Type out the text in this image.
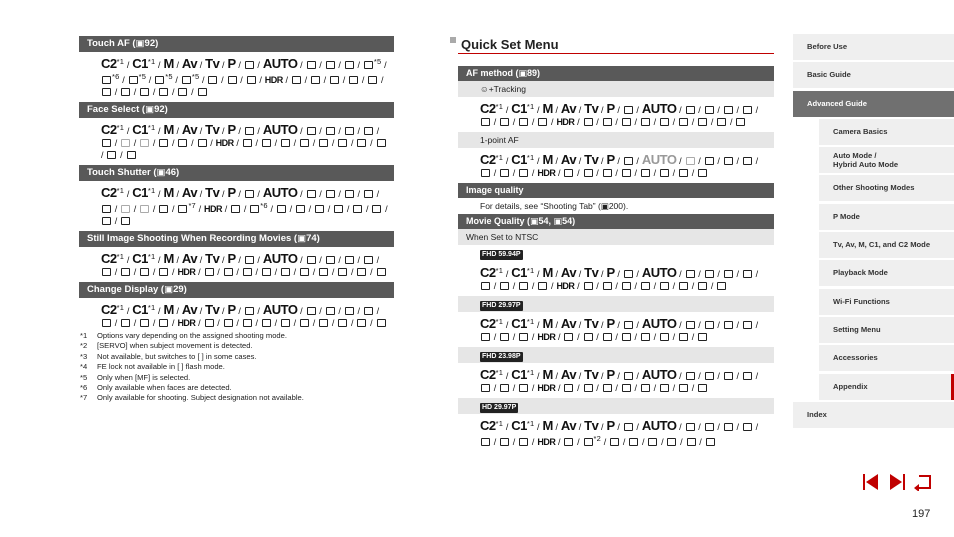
Touch AF (▣92)
C2$^{*1}$ / C1$^{*1}$ / M / Av / Tv / P /  / AUTO /  /  /  / $^{*5}$ / $^{*6}$ / $^{*5}$ / $^{*5}$ / $^{*5}$ /  /  /  / HDR /  /  /  /  /  /  /  /  /  /  /
Face Select (▣92)
C2$^{*1}$ / C1$^{*1}$ / M / Av / Tv / P /  / AUTO /  /  /  /  /  /  /  /  /  /  / HDR /  /  /  /  /  /  /  /  /  /
Touch Shutter (▣46)
C2$^{*1}$ / C1$^{*1}$ / M / Av / Tv / P /  / AUTO /  /  /  /  /  /  /  /  / $^{*7}$ / HDR /  / $^{*6}$ /  /  /  /  /  /  /  /
Still Image Shooting When Recording Movies (▣74)
C2$^{*1}$ / C1$^{*1}$ / M / Av / Tv / P /  / AUTO /  /  /  /  /  /  /  /  / HDR /  /  /  /  /  /  /  /  /  /
Change Display (▣29)
C2$^{*1}$ / C1$^{*1}$ / M / Av / Tv / P /  / AUTO /  /  /  /  /  /  /  /  / HDR /  /  /  /  /  /  /  /  /  /
*1	Options vary depending on the assigned shooting mode.
*2	[SERVO] when subject movement is detected.
*3	Not available, but switches to [ ] in some cases.
*4	FE lock not available in [ ] flash mode.
*5	Only when [MF] is selected.
*6	Only available when faces are detected.
*7	Only available for shooting. Subject designation not available.
Quick Set Menu
AF method (▣89)
☺+Tracking
C2$^{*1}$ / C1$^{*1}$ / M / Av / Tv / P /  / AUTO /  /  /  /  /  /  /  /  / HDR /  /  /  /  /  /  /  /  /
1-point AF
C2$^{*1}$ / C1$^{*1}$ / M / Av / Tv / P /  / AUTO /  /  /  /  /  /  /  / HDR /  /  /  /  /  /  /  /
Image quality
For details, see “Shooting Tab” (▣200).
Movie Quality (▣54, ▣54)
When Set to NTSC
FHD 59.94P
C2$^{*1}$ / C1$^{*1}$ / M / Av / Tv / P /  / AUTO /  /  /  /  /  /  /  /  / HDR /  /  /  /  /  /  /  /
FHD 29.97P
C2$^{*1}$ / C1$^{*1}$ / M / Av / Tv / P /  / AUTO /  /  /  /  /  /  /  / HDR /  /  /  /  /  /  /  /
FHD 23.98P
C2$^{*1}$ / C1$^{*1}$ / M / Av / Tv / P /  / AUTO /  /  /  /  /  /  /  / HDR /  /  /  /  /  /  /  /
HD 29.97P
C2$^{*1}$ / C1$^{*1}$ / M / Av / Tv / P /  / AUTO /  /  /  /  /  /  /  / HDR /  / $^{*2}$ /  /  /  /  /  /
Before Use
Basic Guide
Advanced Guide
Camera Basics
Auto Mode /
Hybrid Auto Mode
Other Shooting Modes
P Mode
Tv, Av, M, C1, and C2 Mode
Playback Mode
Wi-Fi Functions
Setting Menu
Accessories
Appendix
Index
197
